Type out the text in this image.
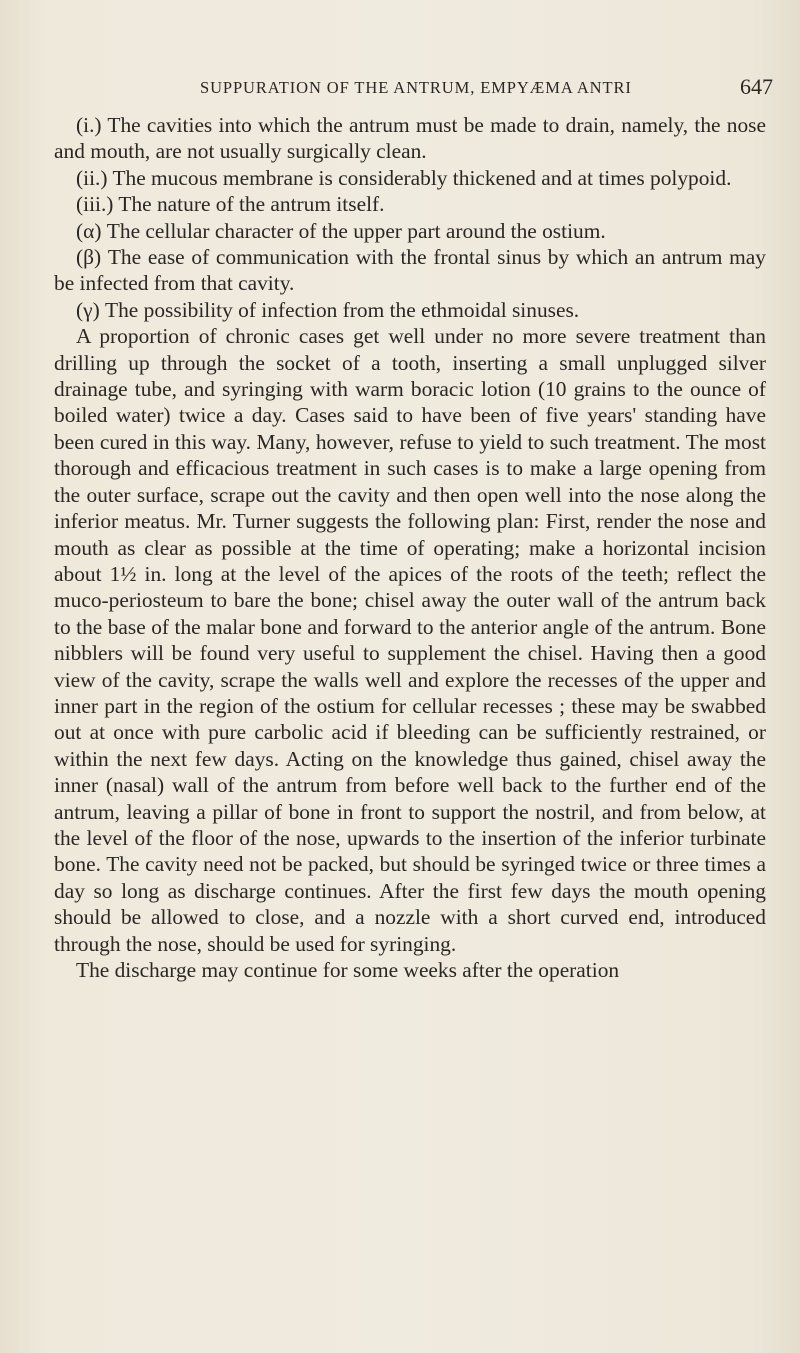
SUPPURATION OF THE ANTRUM, EMPYÆMA ANTRI	647

(i.) The cavities into which the antrum must be made to drain, namely, the nose and mouth, are not usually surgically clean.

(ii.) The mucous membrane is considerably thickened and at times polypoid.

(iii.) The nature of the antrum itself.

(α) The cellular character of the upper part around the ostium.

(β) The ease of communication with the frontal sinus by which an antrum may be infected from that cavity.

(γ) The possibility of infection from the ethmoidal sinuses.

A proportion of chronic cases get well under no more severe treatment than drilling up through the socket of a tooth, inserting a small unplugged silver drainage tube, and syringing with warm boracic lotion (10 grains to the ounce of boiled water) twice a day. Cases said to have been of five years' standing have been cured in this way. Many, however, refuse to yield to such treatment. The most thorough and efficacious treatment in such cases is to make a large opening from the outer surface, scrape out the cavity and then open well into the nose along the inferior meatus. Mr. Turner suggests the following plan: First, render the nose and mouth as clear as possible at the time of operating; make a horizontal incision about 1½ in. long at the level of the apices of the roots of the teeth; reflect the muco-periosteum to bare the bone; chisel away the outer wall of the antrum back to the base of the malar bone and forward to the anterior angle of the antrum. Bone nibblers will be found very useful to supplement the chisel. Having then a good view of the cavity, scrape the walls well and explore the recesses of the upper and inner part in the region of the ostium for cellular recesses ; these may be swabbed out at once with pure carbolic acid if bleeding can be sufficiently restrained, or within the next few days. Acting on the knowledge thus gained, chisel away the inner (nasal) wall of the antrum from before well back to the further end of the antrum, leaving a pillar of bone in front to support the nostril, and from below, at the level of the floor of the nose, upwards to the insertion of the inferior turbinate bone. The cavity need not be packed, but should be syringed twice or three times a day so long as discharge continues. After the first few days the mouth opening should be allowed to close, and a nozzle with a short curved end, introduced through the nose, should be used for syringing.

The discharge may continue for some weeks after the operation
